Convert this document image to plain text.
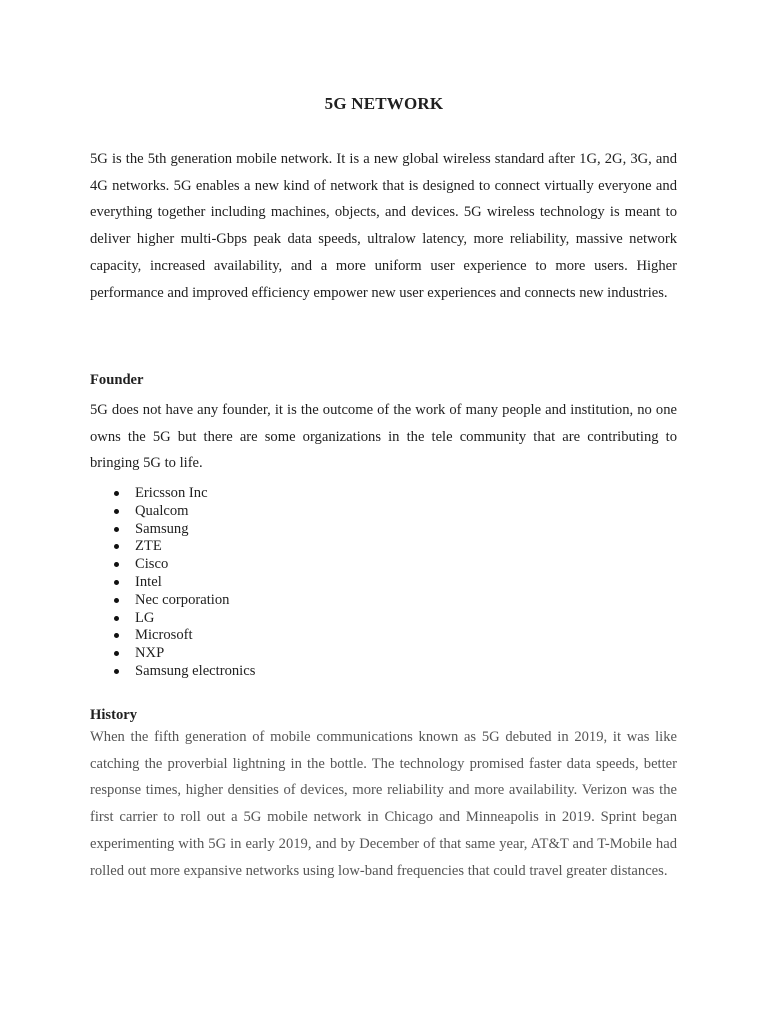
5G NETWORK

5G is the 5th generation mobile network. It is a new global wireless standard after 1G, 2G, 3G, and 4G networks. 5G enables a new kind of network that is designed to connect virtually everyone and everything together including machines, objects, and devices. 5G wireless technology is meant to deliver higher multi-Gbps peak data speeds, ultralow latency, more reliability, massive network capacity, increased availability, and a more uniform user experience to more users. Higher performance and improved efficiency empower new user experiences and connects new industries.

Founder

5G does not have any founder, it is the outcome of the work of many people and institution, no one owns the 5G but there are some organizations in the tele community that are contributing to bringing 5G to life.

Ericsson Inc
Qualcom
Samsung
ZTE
Cisco
Intel
Nec corporation
LG
Microsoft
NXP
Samsung electronics
History

When the fifth generation of mobile communications known as 5G debuted in 2019, it was like catching the proverbial lightning in the bottle. The technology promised faster data speeds, better response times, higher densities of devices, more reliability and more availability. Verizon was the first carrier to roll out a 5G mobile network in Chicago and Minneapolis in 2019. Sprint began experimenting with 5G in early 2019, and by December of that same year, AT&T and T-Mobile had rolled out more expansive networks using low-band frequencies that could travel greater distances.
